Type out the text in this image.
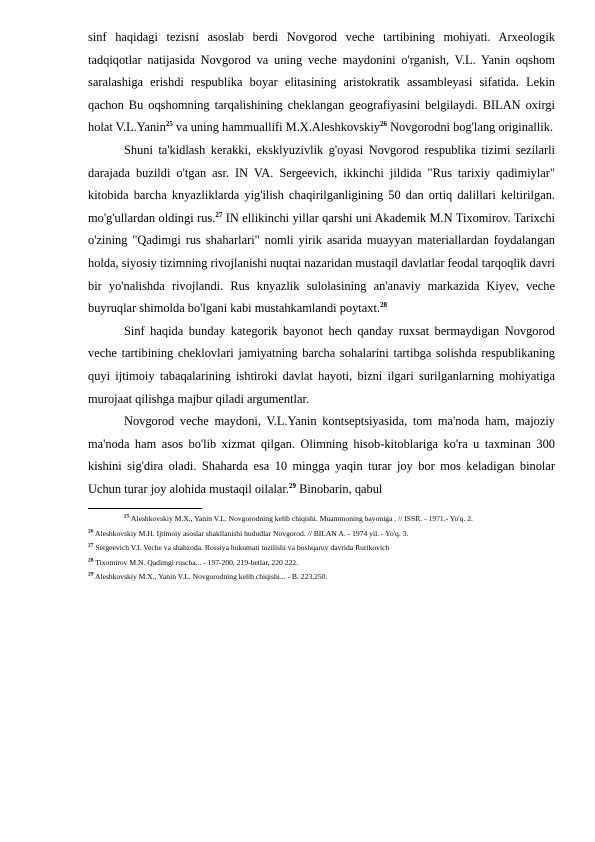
sinf haqidagi tezisni asoslab berdi Novgorod veche tartibining mohiyati. Arxeologik tadqiqotlar natijasida Novgorod va uning veche maydonini o'rganish, V.L. Yanin oqshom saralashiga erishdi respublika boyar elitasining aristokratik assambleyasi sifatida. Lekin qachon Bu oqshomning tarqalishining cheklangan geografiyasini belgilaydi. BILAN oxirgi holat V.L.Yanin$^{25}$ va uning hammuallifi M.X.Aleshkovskiy$^{26}$ Novgorodni bog'lang originallik.

Shuni ta'kidlash kerakki, eksklyuzivlik g'oyasi Novgorod respublika tizimi sezilarli darajada buzildi o'tgan asr. IN VA. Sergeevich, ikkinchi jildida "Rus tarixiy qadimiylar" kitobida barcha knyazliklarda yig'ilish chaqirilganligining 50 dan ortiq dalillari keltirilgan. mo'g'ullardan oldingi rus.$^{27}$ IN ellikinchi yillar qarshi uni Akademik M.N Tixomirov. Tarixchi o'zining "Qadimgi rus shaharlari" nomli yirik asarida muayyan materiallardan foydalangan holda, siyosiy tizimning rivojlanishi nuqtai nazaridan mustaqil davlatlar feodal tarqoqlik davri bir yo'nalishda rivojlandi. Rus knyazlik sulolasining an'anaviy markazida Kiyev, veche buyruqlar shimolda bo'lgani kabi mustahkamlandi poytaxt.$^{28}$

Sinf haqida bunday kategorik bayonot hech qanday ruxsat bermaydigan Novgorod veche tartibining cheklovlari jamiyatning barcha sohalarini tartibga solishda respublikaning quyi ijtimoiy tabaqalarining ishtiroki davlat hayoti, bizni ilgari surilganlarning mohiyatiga murojaat qilishga majbur qiladi argumentlar.

Novgorod veche maydoni, V.L.Yanin kontseptsiyasida, tom ma'noda ham, majoziy ma'noda ham asos bo'lib xizmat qilgan. Olimning hisob-kitoblariga ko'ra u taxminan 300 kishini sig'dira oladi. Shaharda esa 10 mingga yaqin turar joy bor mos keladigan binolar Uchun turar joy alohida mustaqil oilalar.$^{29}$ Binobarin, qabul

$^{25}$ Aleshkovskiy M.X., Yanin V.L. Novgorodning kelib chiqishi. Muammoning bayoniga . // ISSR. - 1971.- Yo'q. 2.

$^{26}$ Aleshkovskiy M.H. Ijtimoiy asoslar shakllanishi hududlar Novgorod. // BILAN A. - 1974 yil. - Yo'q. 3.

$^{27}$ Sergeevich V.I. Veche va shahzoda. Rossiya hukumati tuzilishi va boshqaruv davrida Rurikovich

$^{28}$ Tixomirov M.N. Qadimgi ruscha... - 197-200, 219-betlar, 220 222.

$^{29}$ Aleshkovskiy M.X., Yanin V.L. Novgorodning kelib chiqishi... - B. 223,250.
